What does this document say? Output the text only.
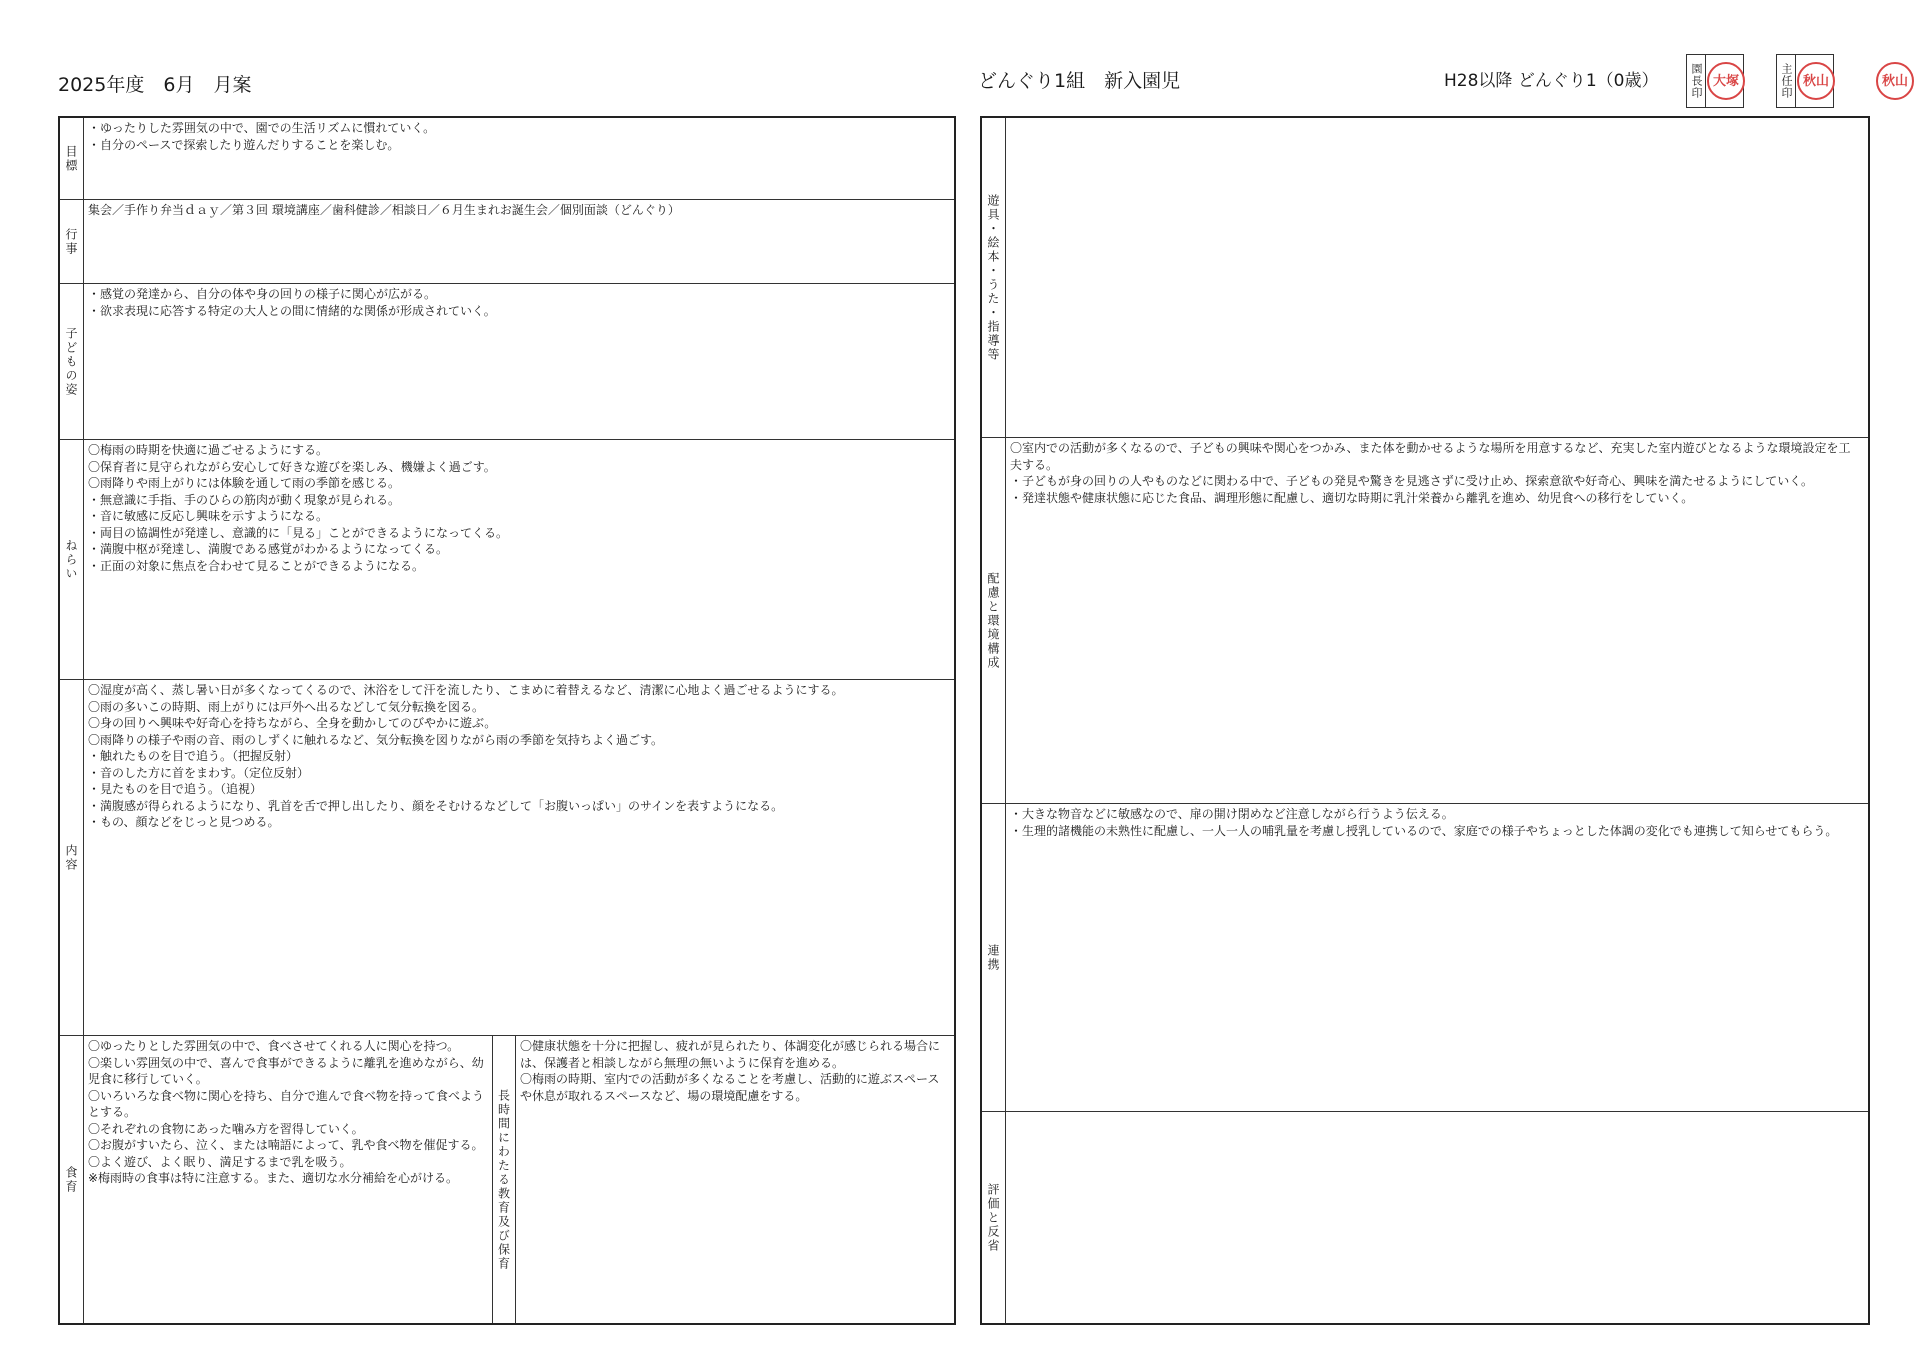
2025年度　6月　月案	どんぐり1組　新入園児	H28以降 どんぐり1（0歳）	園長印 大塚	主任印 秋山	秋山
目標
・ゆったりした雰囲気の中で、園での生活リズムに慣れていく。
・自分のペースで探索したり遊んだりすることを楽しむ。
行事
集会／手作り弁当ｄａｙ／第３回 環境講座／歯科健診／相談日／６月生まれお誕生会／個別面談（どんぐり）
子どもの姿
・感覚の発達から、自分の体や身の回りの様子に関心が広がる。
・欲求表現に応答する特定の大人との間に情緒的な関係が形成されていく。
ねらい
〇梅雨の時期を快適に過ごせるようにする。
〇保育者に見守られながら安心して好きな遊びを楽しみ、機嫌よく過ごす。
〇雨降りや雨上がりには体験を通して雨の季節を感じる。
・無意識に手指、手のひらの筋肉が動く現象が見られる。
・音に敏感に反応し興味を示すようになる。
・両目の協調性が発達し、意識的に「見る」ことができるようになってくる。
・満腹中枢が発達し、満腹である感覚がわかるようになってくる。
・正面の対象に焦点を合わせて見ることができるようになる。
内容
〇湿度が高く、蒸し暑い日が多くなってくるので、沐浴をして汗を流したり、こまめに着替えるなど、清潔に心地よく過ごせるようにする。
〇雨の多いこの時期、雨上がりには戸外へ出るなどして気分転換を図る。
〇身の回りへ興味や好奇心を持ちながら、全身を動かしてのびやかに遊ぶ。
〇雨降りの様子や雨の音、雨のしずくに触れるなど、気分転換を図りながら雨の季節を気持ちよく過ごす。
・触れたものを目で追う。（把握反射）
・音のした方に首をまわす。（定位反射）
・見たものを目で追う。（追視）
・満腹感が得られるようになり、乳首を舌で押し出したり、顔をそむけるなどして「お腹いっぱい」のサインを表すようになる。
・もの、顔などをじっと見つめる。
食育
〇ゆったりとした雰囲気の中で、食べさせてくれる人に関心を持つ。
〇楽しい雰囲気の中で、喜んで食事ができるように離乳を進めながら、幼児食に移行していく。
〇いろいろな食べ物に関心を持ち、自分で進んで食べ物を持って食べようとする。
〇それぞれの食物にあった噛み方を習得していく。
〇お腹がすいたら、泣く、または喃語によって、乳や食べ物を催促する。
〇よく遊び、よく眠り、満足するまで乳を吸う。
※梅雨時の食事は特に注意する。また、適切な水分補給を心がける。	長時間にわたる教育及び保育
〇健康状態を十分に把握し、疲れが見られたり、体調変化が感じられる場合には、保護者と相談しながら無理の無いように保育を進める。
〇梅雨の時期、室内での活動が多くなることを考慮し、活動的に遊ぶスペースや休息が取れるスペースなど、場の環境配慮をする。
遊具・絵本・うた・指導等
配慮と環境構成
〇室内での活動が多くなるので、子どもの興味や関心をつかみ、また体を動かせるような場所を用意するなど、充実した室内遊びとなるような環境設定を工夫する。
・子どもが身の回りの人やものなどに関わる中で、子どもの発見や驚きを見逃さずに受け止め、探索意欲や好奇心、興味を満たせるようにしていく。
・発達状態や健康状態に応じた食品、調理形態に配慮し、適切な時期に乳汁栄養から離乳を進め、幼児食への移行をしていく。
連携
・大きな物音などに敏感なので、扉の開け閉めなど注意しながら行うよう伝える。
・生理的諸機能の未熟性に配慮し、一人一人の哺乳量を考慮し授乳しているので、家庭での様子やちょっとした体調の変化でも連携して知らせてもらう。
評価と反省
